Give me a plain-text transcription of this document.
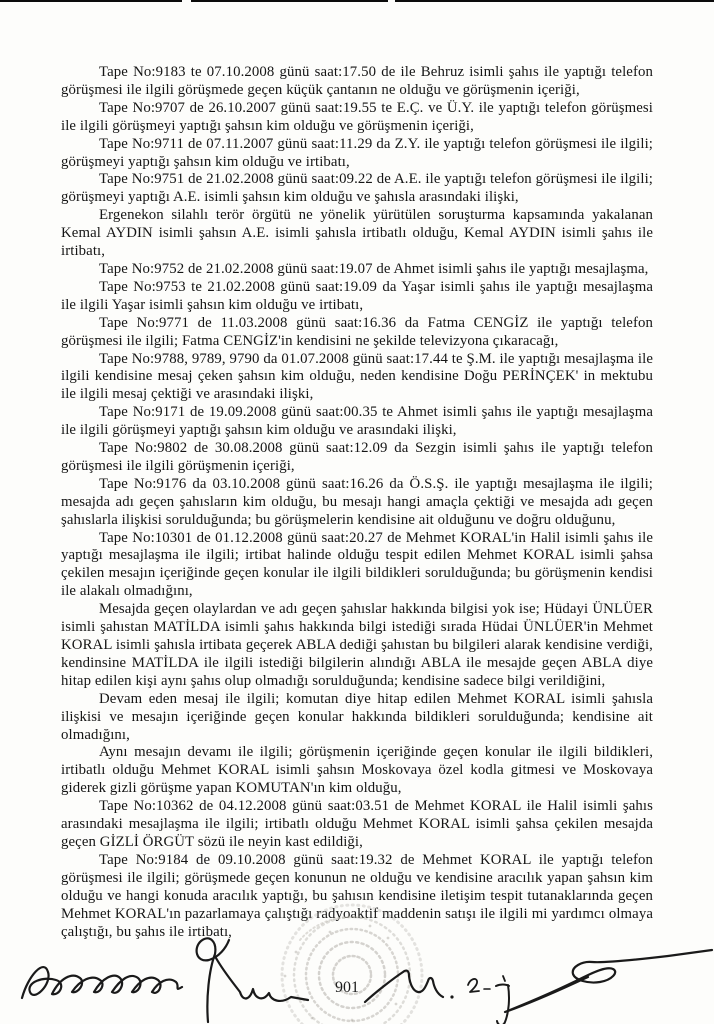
Tape No:9183 te 07.10.2008 günü saat:17.50 de ile Behruz isimli şahıs ile yaptığı telefon görüşmesi ile ilgili görüşmede geçen küçük çantanın ne olduğu ve görüşmenin içeriği,

Tape No:9707 de 26.10.2007 günü saat:19.55 te E.Ç. ve Ü.Y. ile yaptığı telefon görüşmesi ile ilgili görüşmeyi yaptığı şahsın kim olduğu ve görüşmenin içeriği,

Tape No:9711 de 07.11.2007 günü saat:11.29 da Z.Y. ile yaptığı telefon görüşmesi ile ilgili; görüşmeyi yaptığı şahsın kim olduğu ve irtibatı,

Tape No:9751 de 21.02.2008 günü saat:09.22 de A.E. ile yaptığı telefon görüşmesi ile ilgili; görüşmeyi yaptığı A.E. isimli şahsın kim olduğu ve şahısla arasındaki ilişki,

Ergenekon silahlı terör örgütü ne yönelik yürütülen soruşturma kapsamında yakalanan Kemal AYDIN isimli şahsın A.E. isimli şahısla irtibatlı olduğu, Kemal AYDIN isimli şahıs ile irtibatı,

Tape No:9752 de 21.02.2008 günü saat:19.07 de Ahmet isimli şahıs ile yaptığı mesajlaşma,

Tape No:9753 te 21.02.2008 günü saat:19.09 da Yaşar isimli şahıs ile yaptığı mesajlaşma ile ilgili Yaşar isimli şahsın kim olduğu ve irtibatı,

Tape No:9771 de 11.03.2008 günü saat:16.36 da Fatma CENGİZ ile yaptığı telefon görüşmesi ile ilgili; Fatma CENGİZ'in kendisini ne şekilde televizyona çıkaracağı,

Tape No:9788, 9789, 9790 da 01.07.2008 günü saat:17.44 te Ş.M. ile yaptığı mesajlaşma ile ilgili kendisine mesaj çeken şahsın kim olduğu, neden kendisine Doğu PERİNÇEK' in mektubu ile ilgili mesaj çektiği ve arasındaki ilişki,

Tape No:9171 de 19.09.2008 günü saat:00.35 te Ahmet isimli şahıs ile yaptığı mesajlaşma ile ilgili görüşmeyi yaptığı şahsın kim olduğu ve arasındaki ilişki,

Tape No:9802 de 30.08.2008 günü saat:12.09 da Sezgin isimli şahıs ile yaptığı telefon görüşmesi ile ilgili görüşmenin içeriği,

Tape No:9176 da 03.10.2008 günü saat:16.26 da Ö.S.Ş. ile yaptığı mesajlaşma ile ilgili; mesajda adı geçen şahısların kim olduğu, bu mesajı hangi amaçla çektiği ve mesajda adı geçen şahıslarla ilişkisi sorulduğunda; bu görüşmelerin kendisine ait olduğunu ve doğru olduğunu,

Tape No:10301 de 01.12.2008 günü saat:20.27 de Mehmet KORAL'in Halil isimli şahıs ile yaptığı mesajlaşma ile ilgili; irtibat halinde olduğu tespit edilen Mehmet KORAL isimli şahsa çekilen mesajın içeriğinde geçen konular ile ilgili bildikleri sorulduğunda; bu görüşmenin kendisi ile alakalı olmadığını,

Mesajda geçen olaylardan ve adı geçen şahıslar hakkında bilgisi yok ise; Hüdayi ÜNLÜER isimli şahıstan MATİLDA isimli şahıs hakkında bilgi istediği sırada Hüdai ÜNLÜER'in Mehmet KORAL isimli şahısla irtibata geçerek ABLA dediği şahıstan bu bilgileri alarak kendisine verdiği, kendinsine MATİLDA ile ilgili istediği bilgilerin alındığı ABLA ile mesajde geçen ABLA diye hitap edilen kişi aynı şahıs olup olmadığı sorulduğunda; kendisine sadece bilgi verildiğini,

Devam eden mesaj ile ilgili; komutan diye hitap edilen Mehmet KORAL isimli şahısla ilişkisi ve mesajın içeriğinde geçen konular hakkında bildikleri sorulduğunda; kendisine ait olmadığını,

Aynı mesajın devamı ile ilgili; görüşmenin içeriğinde geçen konular ile ilgili bildikleri, irtibatlı olduğu Mehmet KORAL isimli şahsın Moskovaya özel kodla gitmesi ve Moskovaya giderek gizli görüşme yapan KOMUTAN'ın kim olduğu,

Tape No:10362 de 04.12.2008 günü saat:03.51 de Mehmet KORAL ile Halil isimli şahıs arasındaki mesajlaşma ile ilgili; irtibatlı olduğu Mehmet KORAL isimli şahsa çekilen mesajda geçen GİZLİ ÖRGÜT sözü ile neyin kast edildiği,

Tape No:9184 de 09.10.2008 günü saat:19.32 de Mehmet KORAL ile yaptığı telefon görüşmesi ile ilgili; görüşmede geçen konunun ne olduğu ve kendisine aracılık yapan şahsın kim olduğu ve hangi konuda aracılık yaptığı, bu şahısın kendisine iletişim tespit tutanaklarında geçen Mehmet KORAL'ın pazarlamaya çalıştığı radyoaktif maddenin satışı ile ilgili mi yardımcı olmaya çalıştığı, bu şahıs ile irtibatı,

901
